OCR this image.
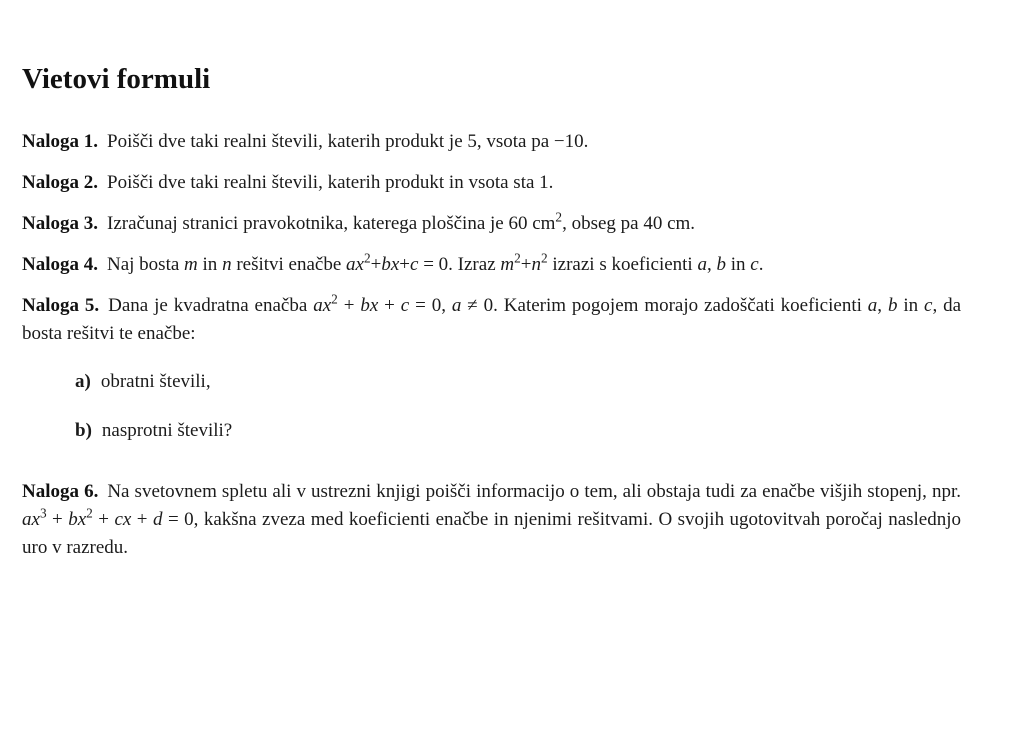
Vietovi formuli

Naloga 1. Poišči dve taki realni števili, katerih produkt je 5, vsota pa −10.

Naloga 2. Poišči dve taki realni števili, katerih produkt in vsota sta 1.

Naloga 3. Izračunaj stranici pravokotnika, katerega ploščina je 60 $cm^2$, obseg pa 40 cm.

Naloga 4. Naj bosta m in n rešitvi enačbe $ax^2+bx+c = 0$. Izraz $m^2+n^2$ izrazi s koeficienti a, b in c.

Naloga 5. Dana je kvadratna enačba $ax^2$ + bx + c = 0, a ≠ 0. Katerim pogojem morajo zadoščati koeficienti a, b in c, da bosta rešitvi te enačbe:

a) obratni števili,

b) nasprotni števili?

Naloga 6. Na svetovnem spletu ali v ustrezni knjigi poišči informacijo o tem, ali obstaja tudi za enačbe višjih stopenj, npr. $ax^3 + bx^2$ + cx + d = 0, kakšna zveza med koeficienti enačbe in njenimi rešitvami. O svojih ugotovitvah poročaj naslednjo uro v razredu.
